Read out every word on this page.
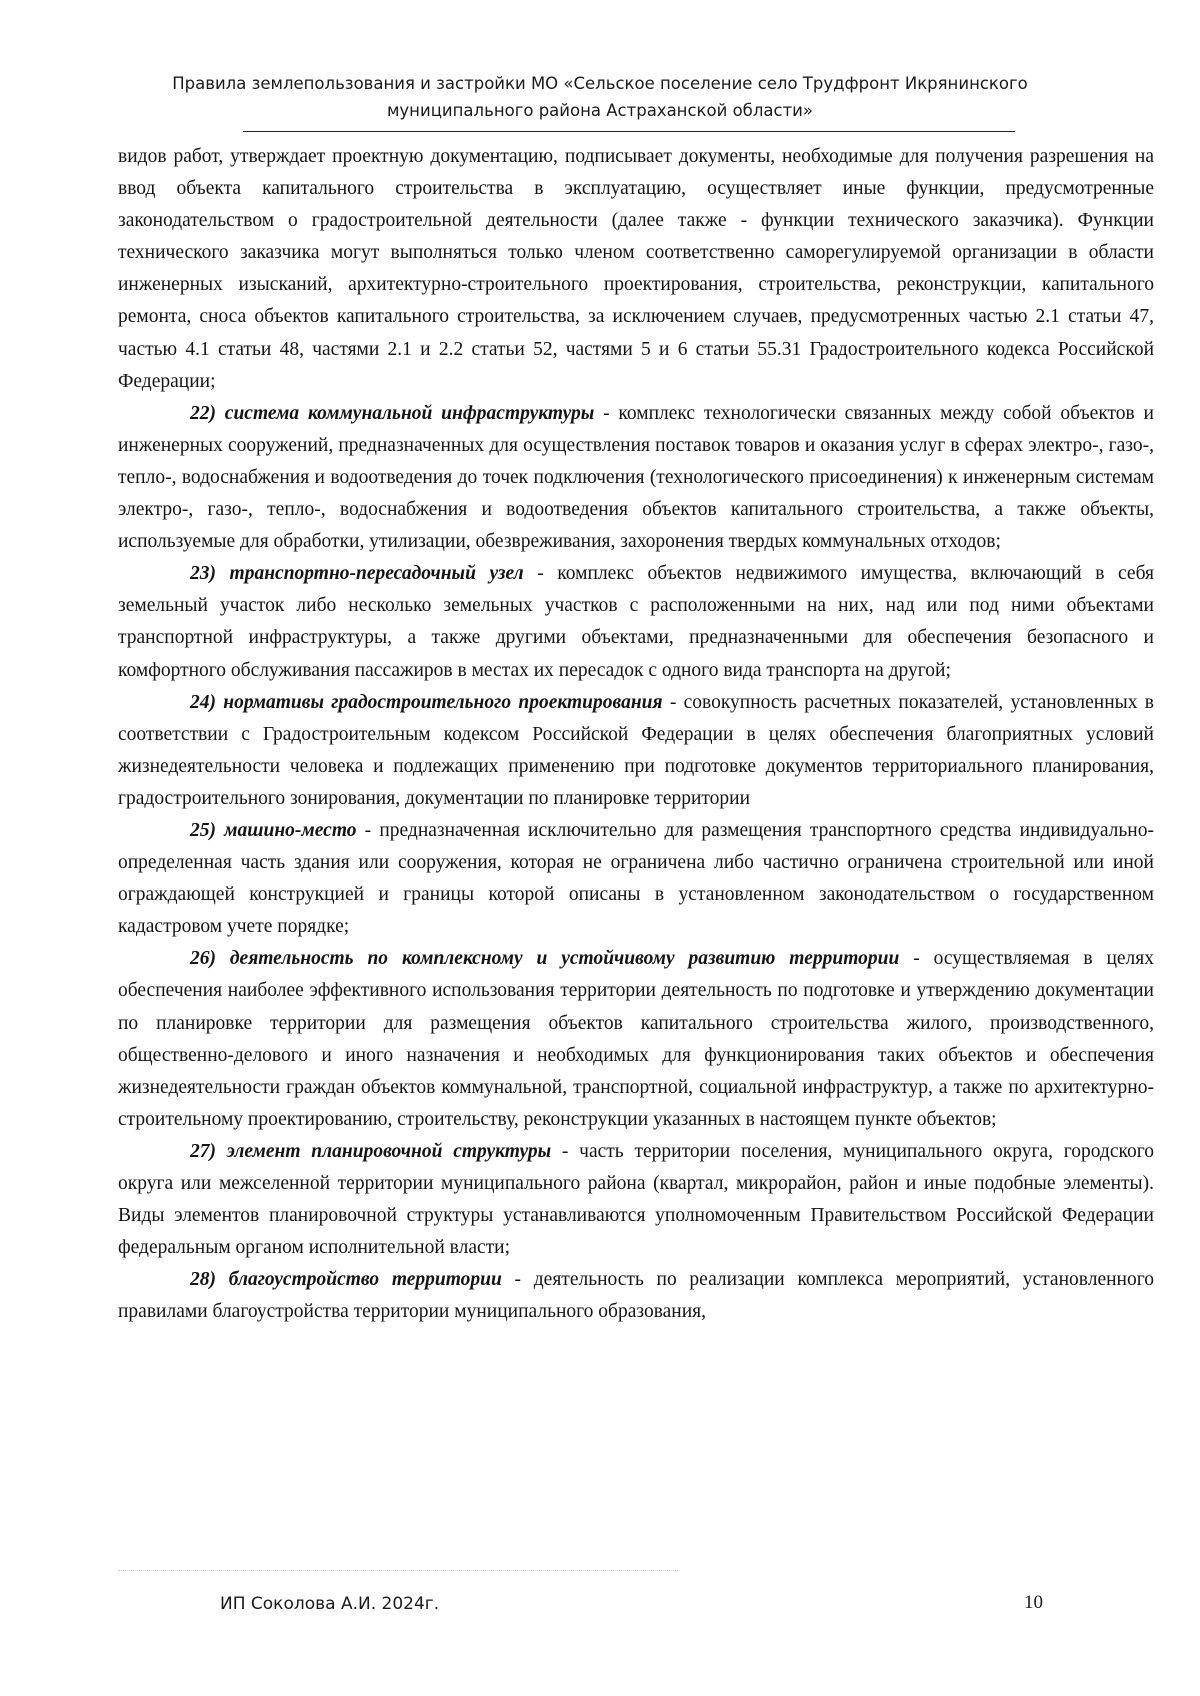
Правила землепользования и застройки МО «Сельское поселение село Трудфронт Икрянинского
муниципального района Астраханской области»

видов работ, утверждает проектную документацию, подписывает документы, необходимые для получения разрешения на ввод объекта капитального строительства в эксплуатацию, осуществляет иные функции, предусмотренные законодательством о градостроительной деятельности (далее также - функции технического заказчика). Функции технического заказчика могут выполняться только членом соответственно саморегулируемой организации в области инженерных изысканий, архитектурно-строительного проектирования, строительства, реконструкции, капитального ремонта, сноса объектов капитального строительства, за исключением случаев, предусмотренных частью 2.1 статьи 47, частью 4.1 статьи 48, частями 2.1 и 2.2 статьи 52, частями 5 и 6 статьи 55.31 Градостроительного кодекса Российской Федерации;

22) система коммунальной инфраструктуры - комплекс технологически связанных между собой объектов и инженерных сооружений, предназначенных для осуществления поставок товаров и оказания услуг в сферах электро-, газо-, тепло-, водоснабжения и водоотведения до точек подключения (технологического присоединения) к инженерным системам электро-, газо-, тепло-, водоснабжения и водоотведения объектов капитального строительства, а также объекты, используемые для обработки, утилизации, обезвреживания, захоронения твердых коммунальных отходов;

23) транспортно-пересадочный узел - комплекс объектов недвижимого имущества, включающий в себя земельный участок либо несколько земельных участков с расположенными на них, над или под ними объектами транспортной инфраструктуры, а также другими объектами, предназначенными для обеспечения безопасного и комфортного обслуживания пассажиров в местах их пересадок с одного вида транспорта на другой;

24) нормативы градостроительного проектирования - совокупность расчетных показателей, установленных в соответствии с Градостроительным кодексом Российской Федерации в целях обеспечения благоприятных условий жизнедеятельности человека и подлежащих применению при подготовке документов территориального планирования, градостроительного зонирования, документации по планировке территории

25) машино-место - предназначенная исключительно для размещения транспортного средства индивидуально-определенная часть здания или сооружения, которая не ограничена либо частично ограничена строительной или иной ограждающей конструкцией и границы которой описаны в установленном законодательством о государственном кадастровом учете порядке;

26) деятельность по комплексному и устойчивому развитию территории - осуществляемая в целях обеспечения наиболее эффективного использования территории деятельность по подготовке и утверждению документации по планировке территории для размещения объектов капитального строительства жилого, производственного, общественно-делового и иного назначения и необходимых для функционирования таких объектов и обеспечения жизнедеятельности граждан объектов коммунальной, транспортной, социальной инфраструктур, а также по архитектурно- строительному проектированию, строительству, реконструкции указанных в настоящем пункте объектов;

27) элемент планировочной структуры - часть территории поселения, муниципального округа, городского округа или межселенной территории муниципального района (квартал, микрорайон, район и иные подобные элементы). Виды элементов планировочной структуры устанавливаются уполномоченным Правительством Российской Федерации федеральным органом исполнительной власти;

28) благоустройство территории - деятельность по реализации комплекса мероприятий, установленного правилами благоустройства территории муниципального образования,

ИП Соколова А.И. 2024г.	10
